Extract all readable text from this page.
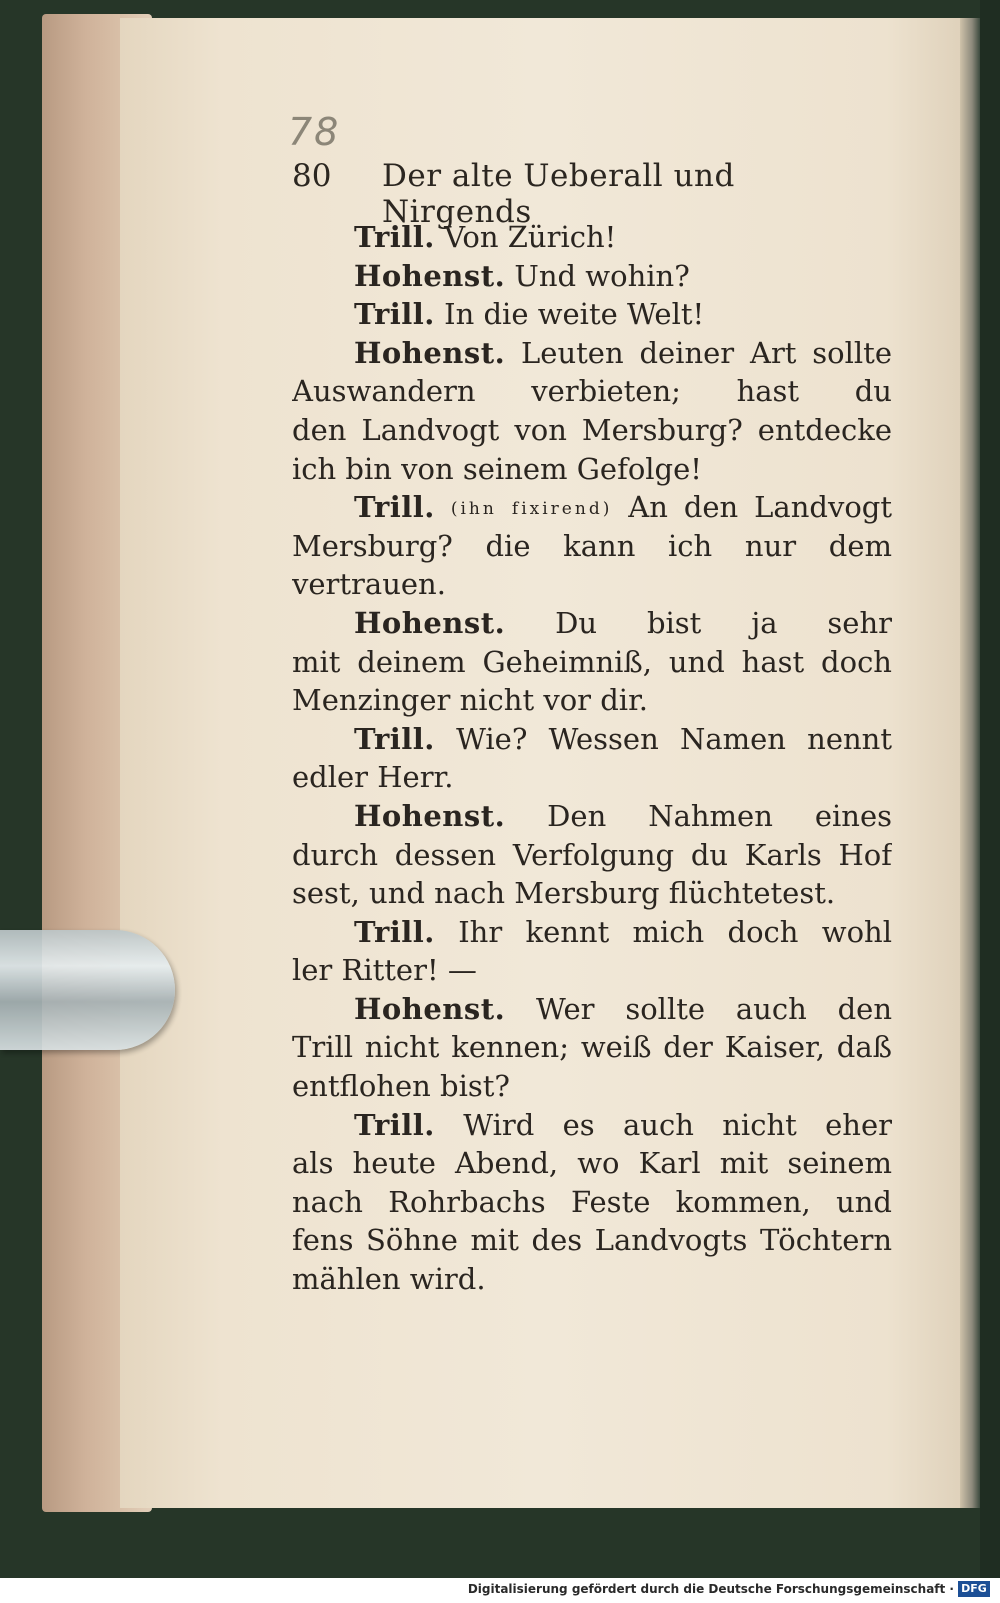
78
80 Der alte Ueberall und Nirgends
Trill. Von Zürich!
Hohenst. Und wohin?
Trill. In die weite Welt!
Hohenst. Leuten deiner Art sollte
Auswandern verbieten; hast du
den Landvogt von Mersburg? entdecke
ich bin von seinem Gefolge!
Trill. (ihn fixirend) An den Landvogt
Mersburg? die kann ich nur dem
vertrauen.
Hohenst. Du bist ja sehr
mit deinem Geheimniß, und hast doch
Menzinger nicht vor dir.
Trill. Wie? Wessen Namen nennt
edler Herr.
Hohenst. Den Nahmen eines
durch dessen Verfolgung du Karls Hof
sest, und nach Mersburg flüchtetest.
Trill. Ihr kennt mich doch wohl
ler Ritter! —
Hohenst. Wer sollte auch den
Trill nicht kennen; weiß der Kaiser, daß
entflohen bist?
Trill. Wird es auch nicht eher
als heute Abend, wo Karl mit seinem
nach Rohrbachs Feste kommen, und
fens Söhne mit des Landvogts Töchtern
mählen wird.
Digitalisierung gefördert durch die Deutsche Forschungsgemeinschaft · DFG
